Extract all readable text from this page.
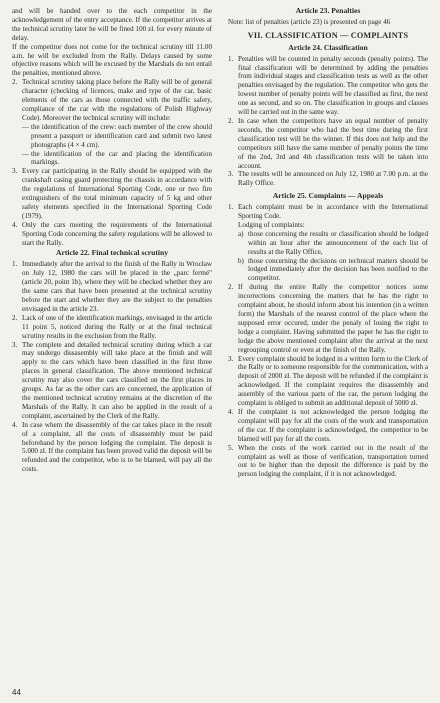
and will be handed over to the each competitor in the acknowledgement of the entry acceptance. If the competitor arrives at the technical scrutiny later he will be fined 100 zł. for every minute of delay.

If the competitor does not come for the technical scrutiny till 11.00 a.m. he will be excluded from the Rally. Delays caused by some objective reasons which will be excused by the Marshals do not entail the penalties, mentioned above.

2. Technical scrutiny taking place before the Rally will be of general character (checking of licences, make and type of the car, basic elements of the cars as those connected with the traffic safety, compliance of the car with the regulations of Polish Highway Code). Moreover the technical scrutiny will include:

— the identification of the crew: each member of the crew should present a passport or identification card and submit two latest photographs (4 × 4 cm).
— the identification of the car and placing the identification markings.
3. Every car participating in the Rally should be equipped with the crankshaft casing guard protecting the chassis in accordance with the regulations of International Sporting Code, one or two fire extinguishers of the total minimum capacity of 5 kg and other safety elements specified in the International Sporting Code (1979).
4. Only the cars meeting the requirements of the International Sporting Code concerning the safety regulations will be allowed to start the Rally.
Article 22. Final technical scrutiny
1. Immediately after the arrival to the finish of the Rally in Wrocław on July 12, 1980 the cars will be placed in the „parc fermé" (article 20, point 1b), where they will be checked whether they are the same cars that have been presented at the technical scrutiny before the start and whether they are the subject to the penalties envisaged in the article 23.
2. Lack of one of the identification markings, envisaged in the article 11 point 5, noticed during the Rally or at the final technical scrutiny results in the exclusion from the Rally.
3. The complete and detailed technical scrutiny during which a car may undergo dissasembly will take place at the finish and will apply to the cars which have been classified in the first three places in general classification. The above mentioned technical scrutiny may also cover the cars classified on the first places in groups. As far as the other cars are concerned, the application of the mentioned technical scrutiny remains at the discretion of the Marshals of the Rally. It can also be applied in the result of a complaint, ascertained by the Clerk of the Rally.
4. In case whem the disassembly of the car takes place in the result of a complaint, all the costs of disassembly must be paid beforehand by the person lodging the complaint. The deposit is 5.000 zł. If the complaint has been proved valid the deposit will be refunded and the competitor, who is to be blamed, will pay all the costs.
Article 23. Penalties

Note: list of penalties (article 23) is presented on page 46

VII. CLASSIFICATION — COMPLAINTS
Article 24. Classification
1. Penalties will be counted in penalty seconds (penalty points). The final classification will be determined by adding the penalties from individual stages and classification tests as well as the other penalties envisaged by the regulation. The competitor who gets the lowest number of penalty points will be classified as first, the next one as second, and so on. The classification in groups and classes will be carried out in the same way.
2. In case when the competitors have an equal number of penalty seconds, the competitor who had the best time during the first classification test will be the winner. If this does not help and the competitors still have the same number of penalty points the time of the 2nd, 3rd and 4th classification tests will be taken into account.
3. The results will be announced on July 12, 1980 at 7.00 p.m. at the Rally Office.
Article 25. Complaints — Appeals
1. Each complaint must be in accordance with the International Sporting Code.

Lodging of complaints:

a) those concerning the results or classification should be lodged within an hour after the announcement of the each list of results at the Rally Office,
b) those concerning the decisions on technical matters should be lodged immediately after the decision has been notified to the competitor.
2. If during the entire Rally the competitor notices some incorrections concerning the matters that he has the right to complaint about, he should inform about his intention (in a written form) the Marshals of the nearest control of the place where the supposed error occured, under the penaly of losing the right to lodge a complaint. Having submitted the paper he has the right to lodge the above mentioned complaint after the arrival at the next regrouping control or even at the finish of the Rally.
3. Every complaint should be lodged in a written form to the Clerk of the Rally or to someone responsible for the communication, with a deposit of 2000 zł. The deposit will be refunded if the complaint is acknowledged. If the complaint requires the disassembly and assembly of the various parts of the car, the person lodging the complaint is obliged to submit an additional deposit of 5000 zł.
4. If the complaint is not acknowledged the person lodging the complaint will pay for all the costs of the work and transportation of the car. If the complaint is acknowledged, the competitor to be blamed will pay for all the costs.
5. When the costs of the work carried out in the result of the complaint as well as those of verification, transportation turned out to be higher than the deposit the difference is paid by the person lodging the complaint, if it is not acknowledged.
44
